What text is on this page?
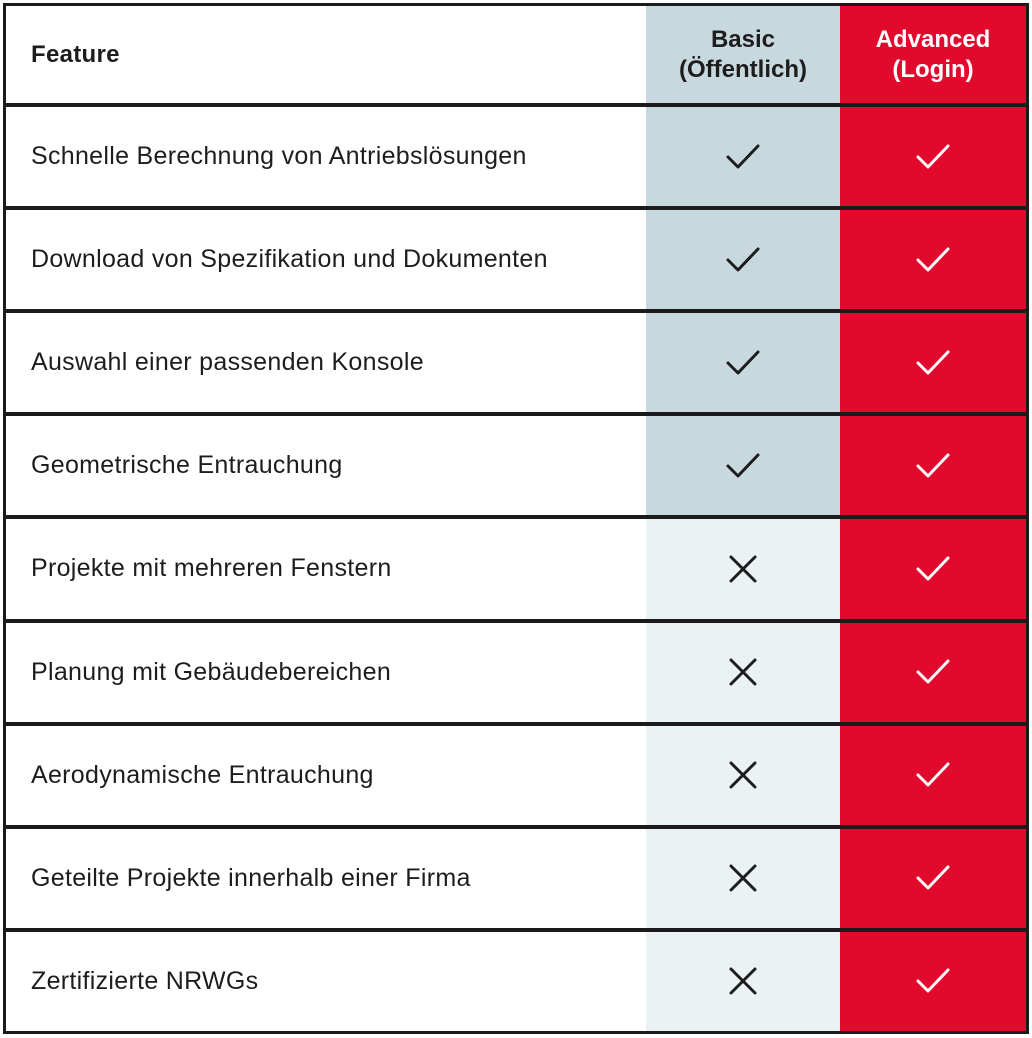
Feature
Basic
(Öffentlich)
Advanced
(Login)
Schnelle Berechnung von Antriebslösungen
Download von Spezifikation und Dokumenten
Auswahl einer passenden Konsole
Geometrische Entrauchung
Projekte mit mehreren Fenstern
Planung mit Gebäudebereichen
Aerodynamische Entrauchung
Geteilte Projekte innerhalb einer Firma
Zertifizierte NRWGs
